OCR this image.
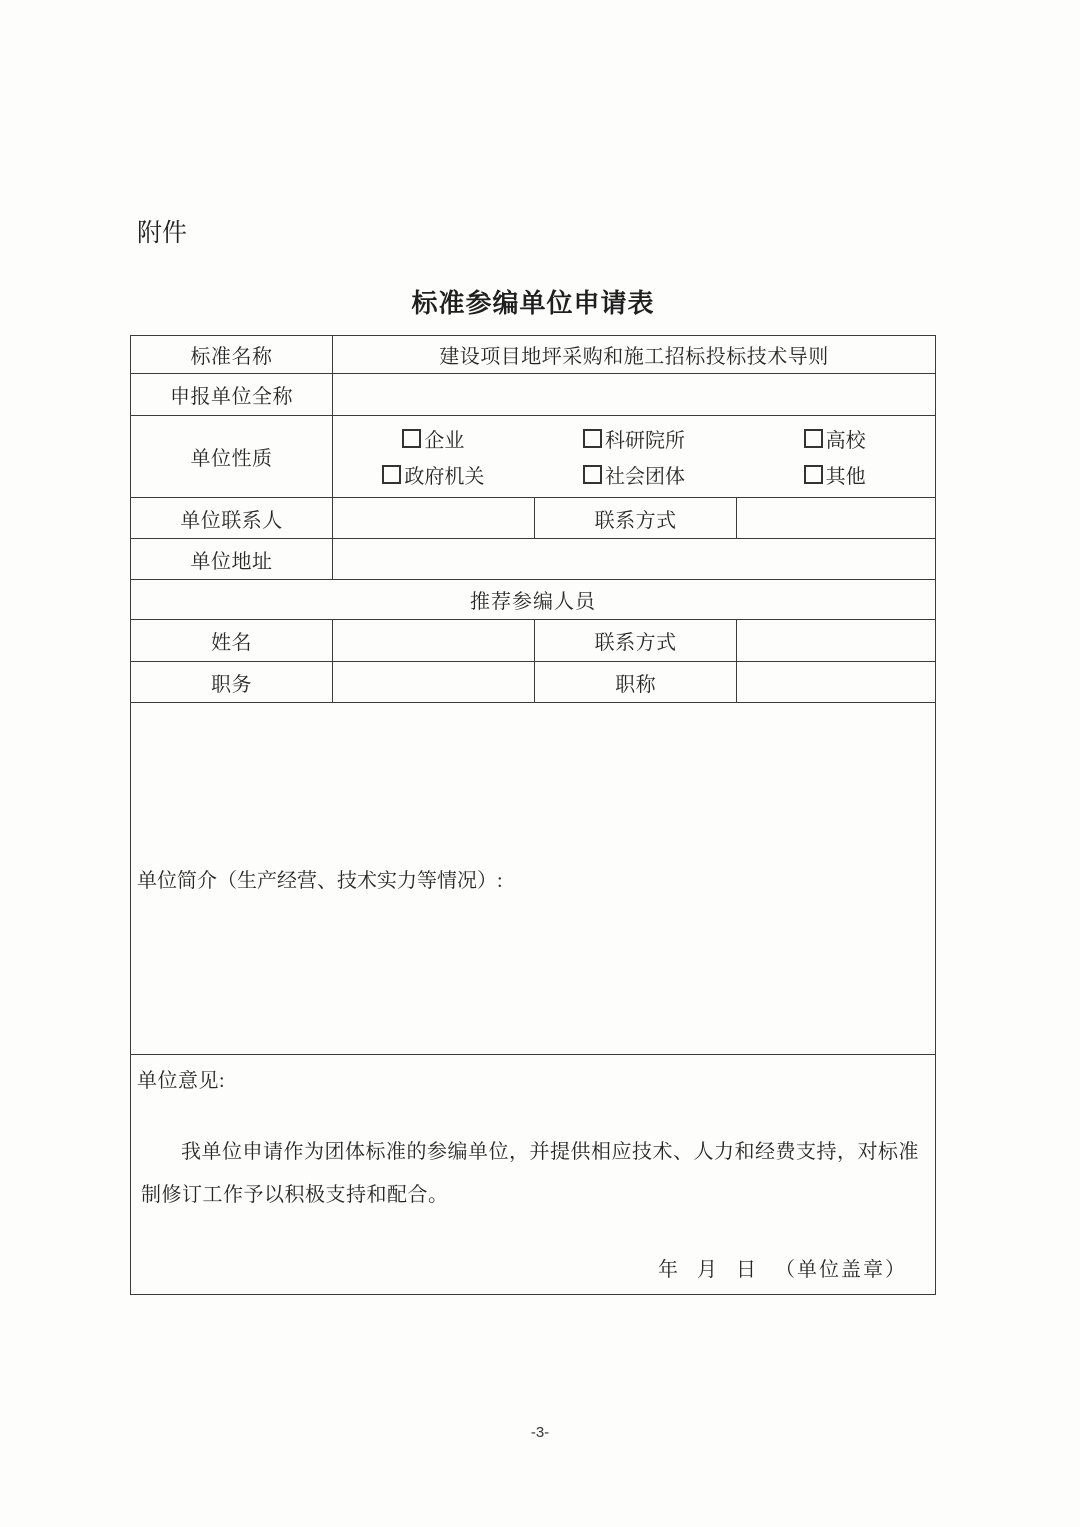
附件
标准参编单位申请表
标准名称	建设项目地坪采购和施工招标投标技术导则		
申报单位全称			
单位性质	
企业	科研院所	高校
政府机关	社会团体	其他

单位联系人		联系方式	
单位地址			
推荐参编人员			
姓名		联系方式	
职务		职称	
单位简介（生产经营、技术实力等情况）:			

单位意见:

我单位申请作为团体标准的参编单位，并提供相应技术、人力和经费支持，对标准制修订工作予以积极支持和配合。

年 月 日 （单位盖章）			
-3-
